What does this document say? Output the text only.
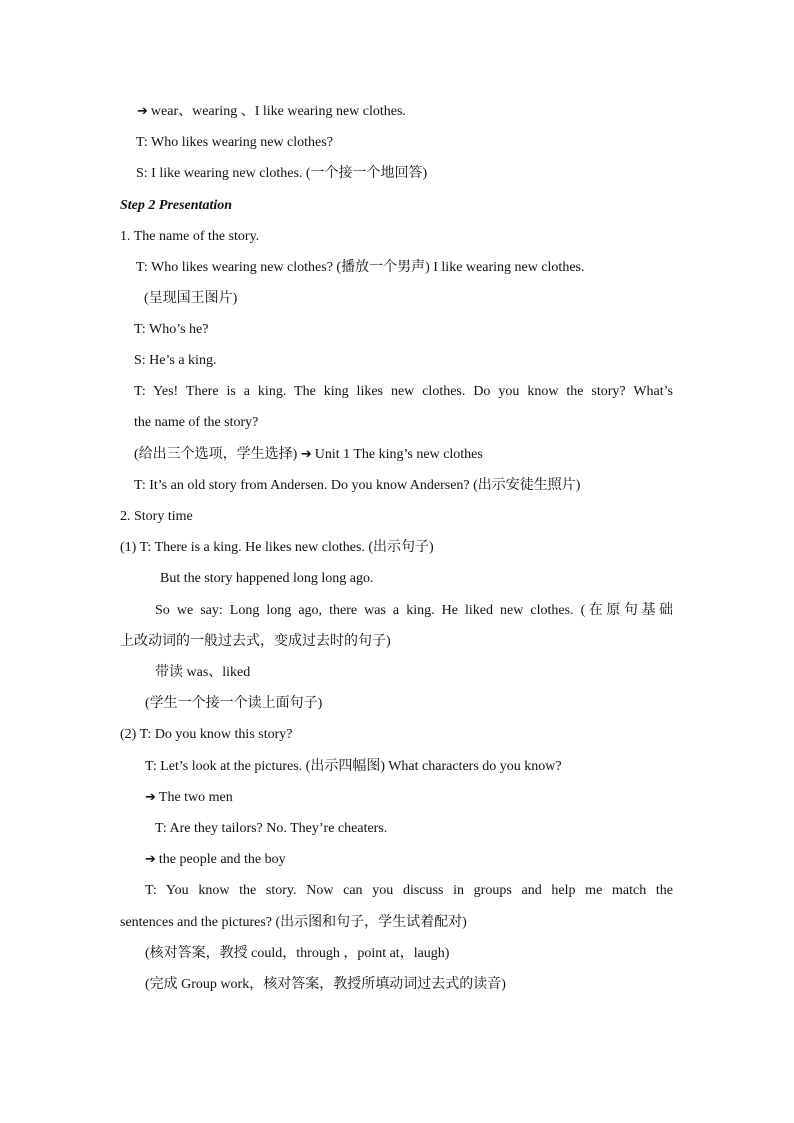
➔ wear、wearing 、I like wearing new clothes.
T: Who likes wearing new clothes?
S: I like wearing new clothes. (一个接一个地回答)
Step 2 Presentation
1. The name of the story.
T: Who likes wearing new clothes? (播放一个男声) I like wearing new clothes.
(呈现国王图片)
T: Who’s he?
S: He’s a king.
T: Yes! There is a king. The king likes new clothes. Do you know the story? What’s
the name of the story?
(给出三个选项，学生选择) ➔ Unit 1 The king’s new clothes
T: It’s an old story from Andersen. Do you know Andersen? (出示安徒生照片)
2. Story time
(1) T: There is a king. He likes new clothes. (出示句子)
But the story happened long long ago.
So we say: Long long ago, there was a king. He liked new clothes. (在原句基础
上改动词的一般过去式，变成过去时的句子)
带读 was、liked
(学生一个接一个读上面句子)
(2) T: Do you know this story?
T: Let’s look at the pictures. (出示四幅图) What characters do you know?
➔ The two men
T: Are they tailors? No. They’re cheaters.
➔ the people and the boy
T: You know the story. Now can you discuss in groups and help me match the
sentences and the pictures? (出示图和句子，学生试着配对)
(核对答案，教授 could，through ，point at，laugh)
(完成 Group work，核对答案，教授所填动词过去式的读音)
